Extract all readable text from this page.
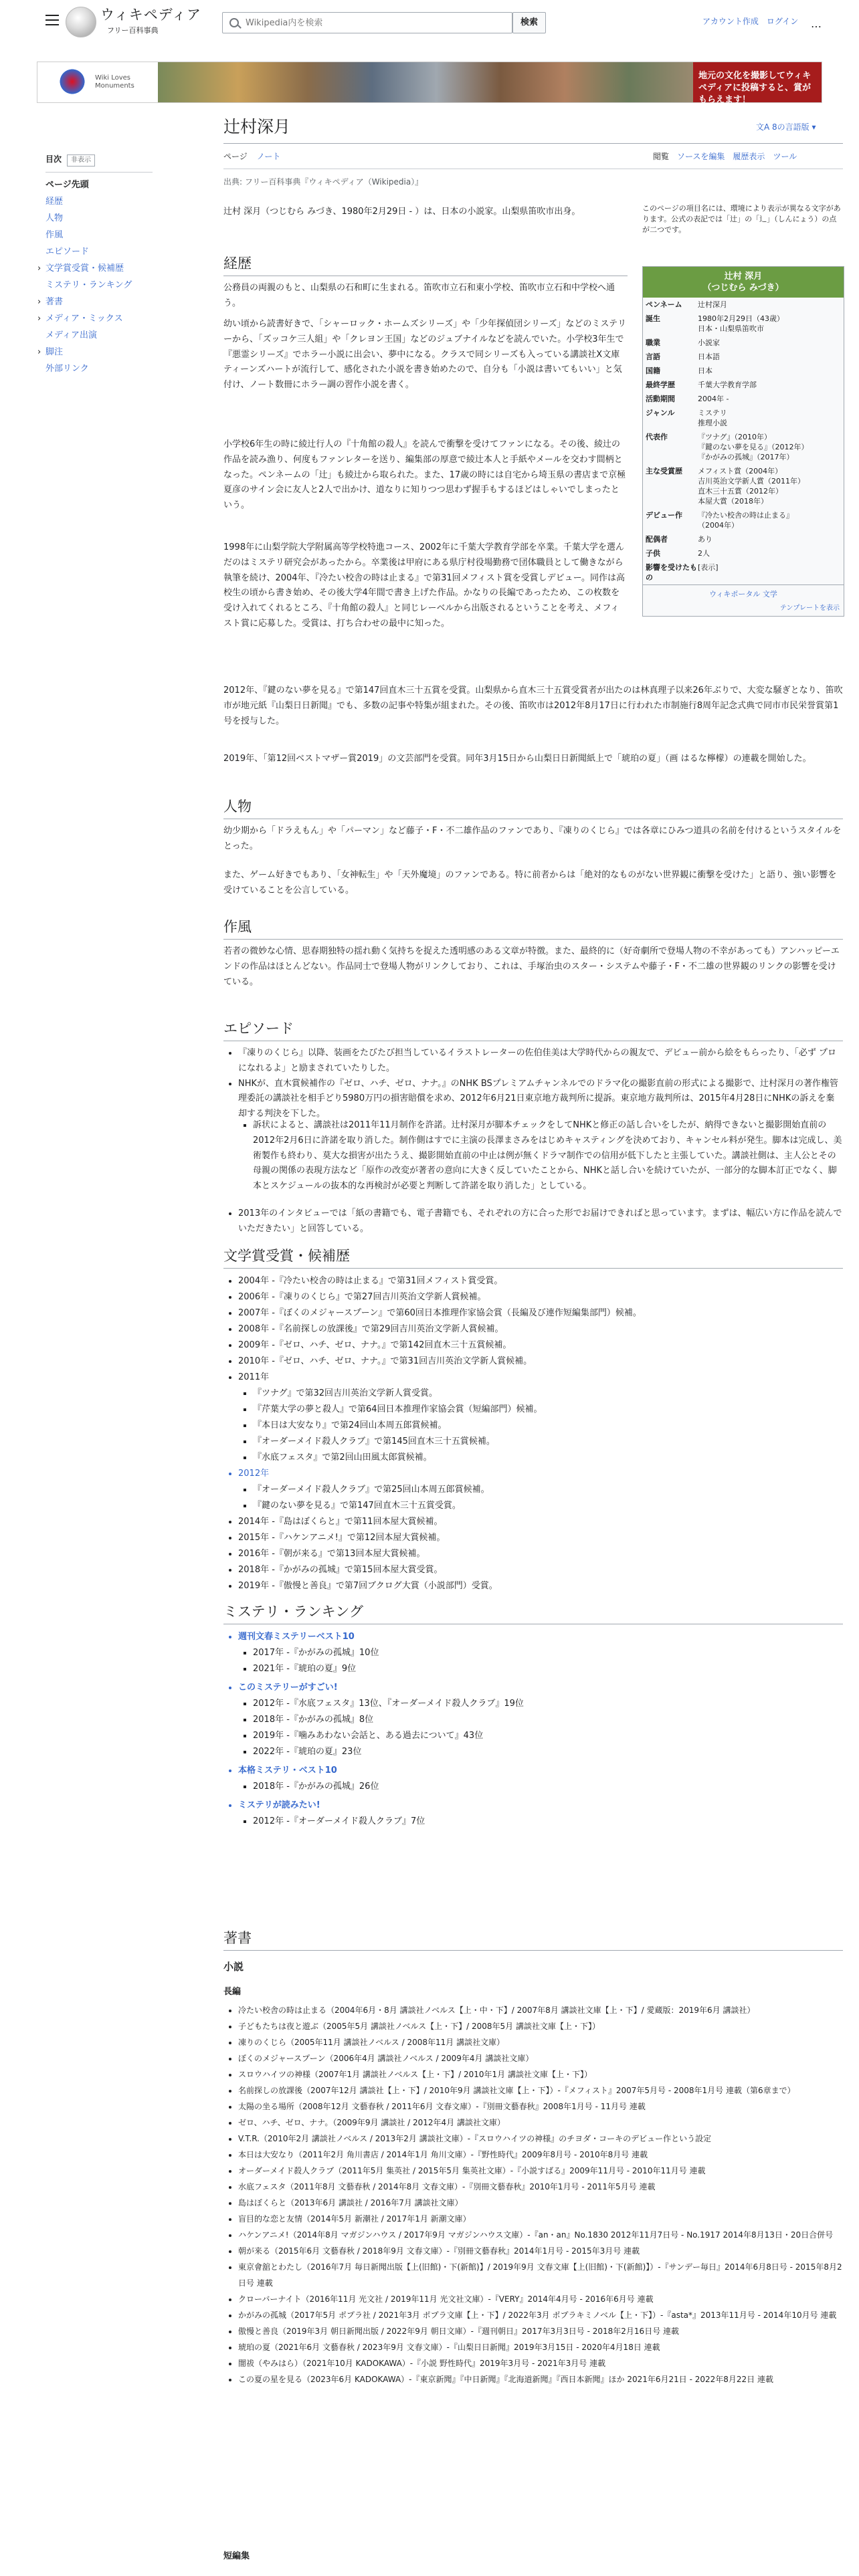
ウィキペディア
フリー百科事典
Wikipedia内を検索
検索	アカウント作成 ログイン	…
Wiki Loves Monuments
地元の文化を撮影してウィキペディアに投稿すると、賞がもらえます！
辻村深月	文A 8の言語版 ▾
ページ ノート	閲覧 ソースを編集 履歴表示 ツール
出典: フリー百科事典『ウィキペディア（Wikipedia）』
目次 非表示
ページ先頭
経歴
人物
作風
エピソード
› 文学賞受賞・候補歴
ミステリ・ランキング
› 著書
› メディア・ミックス
メディア出演
› 脚注
外部リンク
辻村 深月（つじむら みづき、1980年2月29日 - ）は、日本の小説家。山梨県笛吹市出身。	このページの項目名には、環境により表示が異なる文字があります。公式の表記では「辻」の「辶」（しんにょう）の点が二つです。
辻村 深月
（つじむら みづき）
ペンネーム	辻村深月
誕生	1980年2月29日（43歳）
日本・山梨県笛吹市
職業	小説家
言語	日本語
国籍	日本
最終学歴	千葉大学教育学部
活動期間	2004年 -
ジャンル	ミステリ
推理小説
代表作	『ツナグ』（2010年）
『鍵のない夢を見る』（2012年）
『かがみの孤城』（2017年）
主な受賞歴	メフィスト賞（2004年）
吉川英治文学新人賞（2011年）
直木三十五賞（2012年）
本屋大賞（2018年）
デビュー作	『冷たい校舎の時は止まる』
（2004年）
配偶者	あり
子供	2人
影響を受けたもの
[表示]
ウィキポータル 文学
テンプレートを表示
経歴
公務員の両親のもと、山梨県の石和町に生まれる。笛吹市立石和東小学校、笛吹市立石和中学校へ通う。
幼い頃から読書好きで、「シャーロック・ホームズシリーズ」や「少年探偵団シリーズ」などのミステリーから、「ズッコケ三人組」や「クレヨン王国」などのジュブナイルなどを読んでいた。小学校3年生で『悪霊シリーズ』でホラー小説に出会い、夢中になる。クラスで同シリーズも入っている講談社X文庫ティーンズハートが流行して、感化された小説を書き始めたので、自分も「小説は書いてもいい」と気付け、ノート数冊にホラー調の習作小説を書く。
小学校6年生の時に綾辻行人の『十角館の殺人』を読んで衝撃を受けてファンになる。その後、綾辻の作品を読み漁り、何度もファンレターを送り、編集部の厚意で綾辻本人と手紙やメールを交わす間柄となった。ペンネームの「辻」も綾辻から取られた。また、17歳の時には自宅から埼玉県の書店まで京極夏彦のサイン会に友人と2人で出かけ、道なりに知りつつ思わず握手もするほどはしゃいでしまったという。
1998年に山梨学院大学附属高等学校特進コース、2002年に千葉大学教育学部を卒業。千葉大学を選んだのはミステリ研究会があったから。卒業後は甲府にある県庁村役場勤務で団体職員として働きながら執筆を続け、2004年、『冷たい校舎の時は止まる』で第31回メフィスト賞を受賞しデビュー。同作は高校生の頃から書き始め、その後大学4年間で書き上げた作品。かなりの長編であったため、この枚数を受け入れてくれるところ、『十角館の殺人』と同じレーベルから出版されるということを考え、メフィスト賞に応募した。受賞は、打ち合わせの最中に知った。
2012年、『鍵のない夢を見る』で第147回直木三十五賞を受賞。山梨県から直木三十五賞受賞者が出たのは林真理子以来26年ぶりで、大変な騒ぎとなり、笛吹市が地元紙『山梨日日新聞』でも、多数の記事や特集が組まれた。その後、笛吹市は2012年8月17日に行われた市制施行8周年記念式典で同市市民栄誉賞第1号を授与した。
2019年、「第12回ベストマザー賞2019」の文芸部門を受賞。同年3月15日から山梨日日新聞紙上で「琥珀の夏」（画 はるな檸檬）の連載を開始した。
人物
幼少期から「ドラえもん」や「パーマン」など藤子・F・不二雄作品のファンであり、『凍りのくじら』では各章にひみつ道具の名前を付けるというスタイルをとった。
また、ゲーム好きでもあり、「女神転生」や「天外魔境」のファンである。特に前者からは「絶対的なものがない世界観に衝撃を受けた」と語り、強い影響を受けていることを公言している。
作風
若者の微妙な心情、思春期独特の揺れ動く気持ちを捉えた透明感のある文章が特徴。また、最終的に（好奇劇所で登場人物の不幸があっても）アンハッピーエンドの作品はほとんどない。作品同士で登場人物がリンクしており、これは、手塚治虫のスター・システムや藤子・F・不二雄の世界観のリンクの影響を受けている。
エピソード
• 『凍りのくじら』以降、装画をたびたび担当しているイラストレーターの佐伯佳美は大学時代からの親友で、デビュー前から絵をもらったり、「必ず プロになれるよ」と励まされていたりした。
• NHKが、直木賞候補作の『ゼロ、ハチ、ゼロ、ナナ。』のNHK BSプレミアムチャンネルでのドラマ化の撮影直前の形式による撮影で、辻村深月の著作権管理委託の講談社を相手どり5980万円の損害賠償を求め、2012年6月21日東京地方裁判所に提訴。東京地方裁判所は、2015年4月28日にNHKの訴えを棄却する判決を下した。
▪ 訴状によると、講談社は2011年11月制作を許諾。辻村深月が脚本チェックをしてNHKと修正の話し合いをしたが、納得できないと撮影開始直前の2012年2月6日に許諾を取り消した。制作側はすでに主演の長澤まさみをはじめキャスティングを決めており、キャンセル料が発生。脚本は完成し、美術製作も終わり、莫大な損害が出たうえ、撮影開始直前の中止は例が無くドラマ制作での信用が低下したと主張していた。講談社側は、主人公とその母親の関係の表現方法など「原作の改変が著者の意向に大きく反していたことから、NHKと話し合いを続けていたが、一部分的な脚本訂正でなく、脚本とスケジュールの抜本的な再検討が必要と判断して許諾を取り消した」としている。
• 2013年のインタビューでは「紙の書籍でも、電子書籍でも、それぞれの方に合った形でお届けできればと思っています。まずは、幅広い方に作品を読んでいただきたい」と回答している。
文学賞受賞・候補歴
• 2004年 -『冷たい校舎の時は止まる』で第31回メフィスト賞受賞。
• 2006年 -『凍りのくじら』で第27回吉川英治文学新人賞候補。
• 2007年 -『ぼくのメジャースプーン』で第60回日本推理作家協会賞（長編及び連作短編集部門）候補。
• 2008年 -『名前探しの放課後』で第29回吉川英治文学新人賞候補。
• 2009年 -『ゼロ、ハチ、ゼロ、ナナ。』で第142回直木三十五賞候補。
• 2010年 -『ゼロ、ハチ、ゼロ、ナナ。』で第31回吉川英治文学新人賞候補。
• 2011年
▪ 『ツナグ』で第32回吉川英治文学新人賞受賞。
▪ 『芹葉大学の夢と殺人』で第64回日本推理作家協会賞（短編部門）候補。
▪ 『本日は大安なり』で第24回山本周五郎賞候補。
▪ 『オーダーメイド殺人クラブ』で第145回直木三十五賞候補。
▪ 『水底フェスタ』で第2回山田風太郎賞候補。
• 2012年
▪ 『オーダーメイド殺人クラブ』で第25回山本周五郎賞候補。
▪ 『鍵のない夢を見る』で第147回直木三十五賞受賞。
• 2014年 -『島はぼくらと』で第11回本屋大賞候補。
• 2015年 -『ハケンアニメ!』で第12回本屋大賞候補。
• 2016年 -『朝が来る』で第13回本屋大賞候補。
• 2018年 -『かがみの孤城』で第15回本屋大賞受賞。
• 2019年 -『傲慢と善良』で第7回ブクログ大賞（小説部門）受賞。
ミステリ・ランキング
• 週刊文春ミステリーベスト10
▪ 2017年 -『かがみの孤城』10位
▪ 2021年 -『琥珀の夏』9位
• このミステリーがすごい!
▪ 2012年 -『水底フェスタ』13位、『オーダーメイド殺人クラブ』19位
▪ 2018年 -『かがみの孤城』8位
▪ 2019年 -『噛みあわない会話と、ある過去について』43位
▪ 2022年 -『琥珀の夏』23位
• 本格ミステリ・ベスト10
▪ 2018年 -『かがみの孤城』26位
• ミステリが読みたい!
▪ 2012年 -『オーダーメイド殺人クラブ』7位
著書
小説
長編
• 冷たい校舎の時は止まる（2004年6月・8月 講談社ノベルス【上・中・下】/ 2007年8月 講談社文庫【上・下】/ 愛蔵版：2019年6月 講談社）
• 子どもたちは夜と遊ぶ（2005年5月 講談社ノベルス【上・下】/ 2008年5月 講談社文庫【上・下】）
• 凍りのくじら（2005年11月 講談社ノベルス / 2008年11月 講談社文庫）
• ぼくのメジャースプーン（2006年4月 講談社ノベルス / 2009年4月 講談社文庫）
• スロウハイツの神様（2007年1月 講談社ノベルス【上・下】/ 2010年1月 講談社文庫【上・下】）
• 名前探しの放課後（2007年12月 講談社【上・下】/ 2010年9月 講談社文庫【上・下】）-『メフィスト』2007年5月号 - 2008年1月号 連載（第6章まで）
• 太陽の坐る場所（2008年12月 文藝春秋 / 2011年6月 文春文庫）-『別冊文藝春秋』2008年1月号 - 11月号 連載
• ゼロ、ハチ、ゼロ、ナナ。（2009年9月 講談社 / 2012年4月 講談社文庫）
• V.T.R.（2010年2月 講談社ノベルス / 2013年2月 講談社文庫）-『スロウハイツの神様』のチヨダ・コーキのデビュー作という設定
• 本日は大安なり（2011年2月 角川書店 / 2014年1月 角川文庫）-『野性時代』2009年8月号 - 2010年8月号 連載
• オーダーメイド殺人クラブ（2011年5月 集英社 / 2015年5月 集英社文庫）-『小説すばる』2009年11月号 - 2010年11月号 連載
• 水底フェスタ（2011年8月 文藝春秋 / 2014年8月 文春文庫）-『別冊文藝春秋』2010年1月号 - 2011年5月号 連載
• 島はぼくらと（2013年6月 講談社 / 2016年7月 講談社文庫）
• 盲目的な恋と友情（2014年5月 新潮社 / 2017年1月 新潮文庫）
• ハケンアニメ!（2014年8月 マガジンハウス / 2017年9月 マガジンハウス文庫）-『an・an』No.1830 2012年11月7日号 - No.1917 2014年8月13日・20日合併号
• 朝が来る（2015年6月 文藝春秋 / 2018年9月 文春文庫）-『別冊文藝春秋』2014年1月号 - 2015年3月号 連載
• 東京會舘とわたし（2016年7月 毎日新聞出版【上(旧館)・下(新館)】/ 2019年9月 文春文庫【上(旧館)・下(新館)】）-『サンデー毎日』2014年6月8日号 - 2015年8月2日号 連載
• クローバーナイト（2016年11月 光文社 / 2019年11月 光文社文庫）-『VERY』2014年4月号 - 2016年6月号 連載
• かがみの孤城（2017年5月 ポプラ社 / 2021年3月 ポプラ文庫【上・下】/ 2022年3月 ポプラキミノベル【上・下】）-『asta*』2013年11月号 - 2014年10月号 連載
• 傲慢と善良（2019年3月 朝日新聞出版 / 2022年9月 朝日文庫）-『週刊朝日』2017年3月3日号 - 2018年2月16日号 連載
• 琥珀の夏（2021年6月 文藝春秋 / 2023年9月 文春文庫）-『山梨日日新聞』2019年3月15日 - 2020年4月18日 連載
• 闇祓（やみはら）（2021年10月 KADOKAWA）-『小説 野性時代』2019年3月号 - 2021年3月号 連載
• この夏の星を見る（2023年6月 KADOKAWA）-『東京新聞』『中日新聞』『北海道新聞』『西日本新聞』ほか 2021年6月21日 - 2022年8月22日 連載
短編集
